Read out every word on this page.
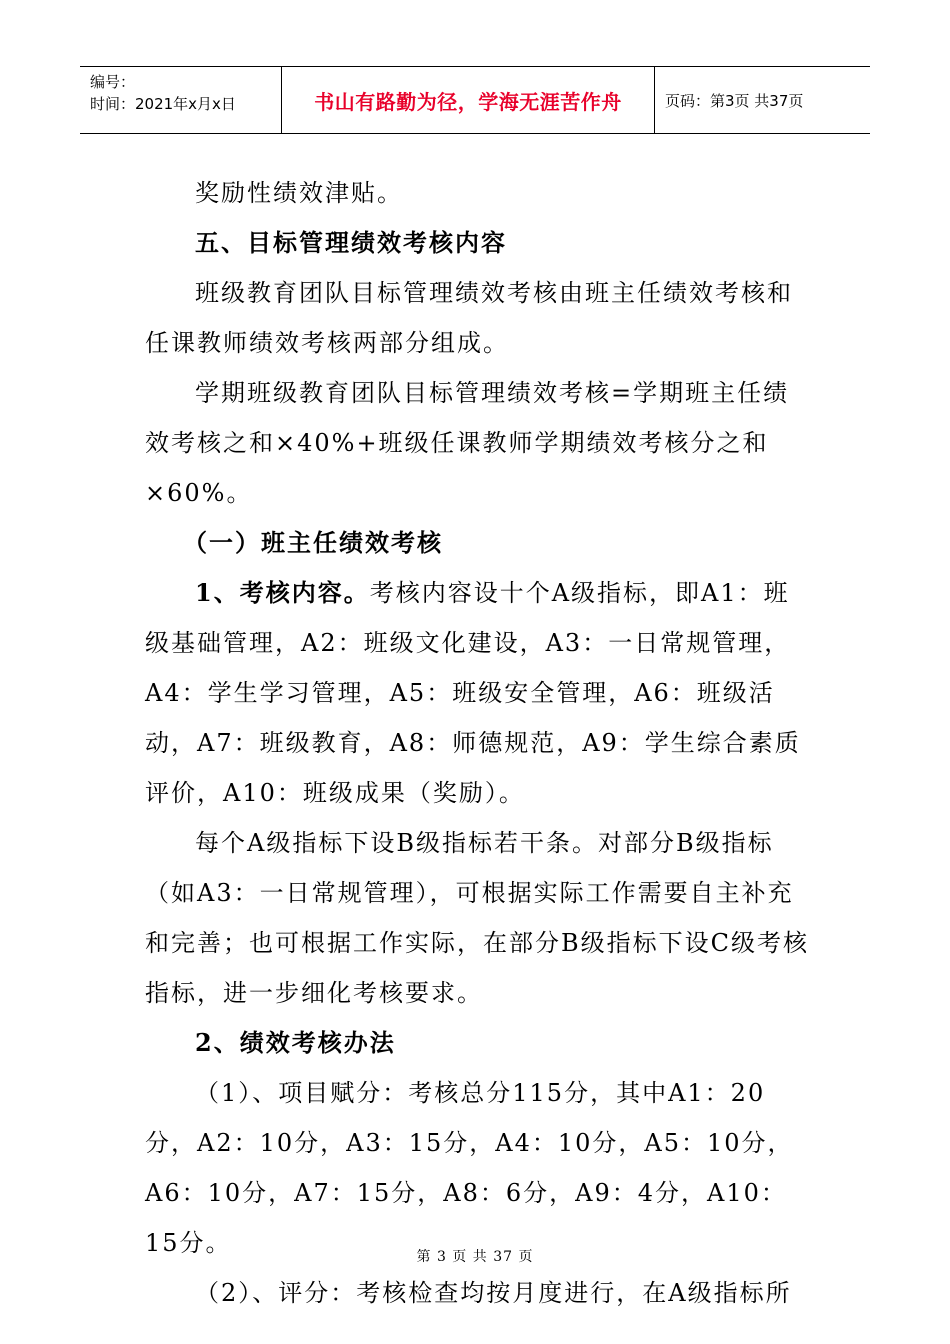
编号：
时间：2021年x月x日	书山有路勤为径，学海无涯苦作舟	页码：第3页 共37页

奖励性绩效津贴。

五、目标管理绩效考核内容

班级教育团队目标管理绩效考核由班主任绩效考核和任课教师绩效考核两部分组成。

学期班级教育团队目标管理绩效考核=学期班主任绩效考核之和×40%+班级任课教师学期绩效考核分之和×60%。

（一）班主任绩效考核

1、考核内容。考核内容设十个A级指标，即A1：班级基础管理，A2：班级文化建设，A3：一日常规管理，A4：学生学习管理，A5：班级安全管理，A6：班级活动，A7：班级教育，A8：师德规范，A9：学生综合素质评价，A10：班级成果（奖励）。

每个A级指标下设B级指标若干条。对部分B级指标（如A3：一日常规管理），可根据实际工作需要自主补充和完善；也可根据工作实际，在部分B级指标下设C级考核指标，进一步细化考核要求。

2、绩效考核办法

（1）、项目赋分：考核总分115分，其中A1：20分，A2：10分，A3：15分，A4：10分，A5：10分，A6：10分，A7：15分，A8：6分，A9：4分，A10：15分。

（2）、评分：考核检查均按月度进行，在A级指标所

第 3 页 共 37 页
